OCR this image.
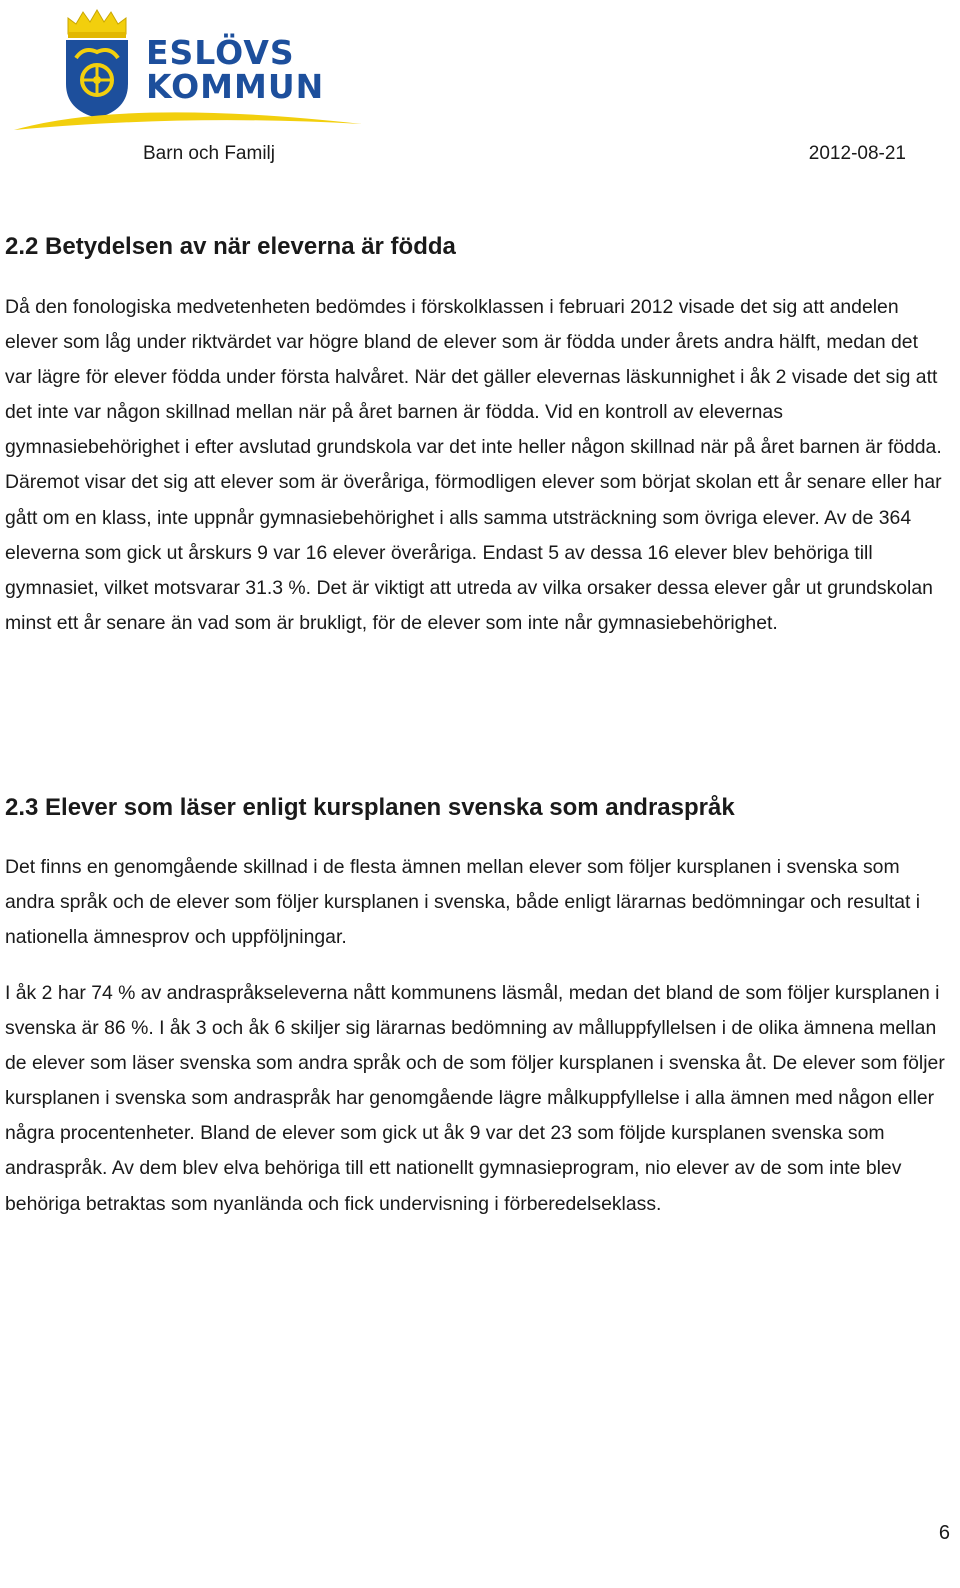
ESLÖVS
KOMMUN
Barn och Familj	2012-08-21
2.2 Betydelsen av när eleverna är födda

Då den fonologiska medvetenheten bedömdes i förskolklassen i februari 2012 visade det sig att andelen elever som låg under riktvärdet var högre bland de elever som är födda under årets andra hälft, medan det var lägre för elever födda under första halvåret. När det gäller elevernas läskunnighet i åk 2 visade det sig att det inte var någon skillnad mellan när på året barnen är födda. Vid en kontroll av elevernas gymnasiebehörighet i efter avslutad grundskola var det inte heller någon skillnad när på året barnen är födda. Däremot visar det sig att elever som är överåriga, förmodligen elever som börjat skolan ett år senare eller har gått om en klass, inte uppnår gymnasiebehörighet i alls samma utsträckning som övriga elever. Av de 364 eleverna som gick ut årskurs 9 var 16 elever överåriga. Endast 5 av dessa 16 elever blev behöriga till gymnasiet, vilket motsvarar 31.3 %. Det är viktigt att utreda av vilka orsaker dessa elever går ut grundskolan minst ett år senare än vad som är brukligt, för de elever som inte når gymnasiebehörighet.

2.3 Elever som läser enligt kursplanen svenska som andraspråk

Det finns en genomgående skillnad i de flesta ämnen mellan elever som följer kursplanen i svenska som andra språk och de elever som följer kursplanen i svenska, både enligt lärarnas bedömningar och resultat i nationella ämnesprov och uppföljningar.

I åk 2 har 74 % av andraspråkseleverna nått kommunens läsmål, medan det bland de som följer kursplanen i svenska är 86 %. I åk 3 och åk 6 skiljer sig lärarnas bedömning av målluppfyllelsen i de olika ämnena mellan de elever som läser svenska som andra språk och de som följer kursplanen i svenska åt. De elever som följer kursplanen i svenska som andraspråk har genomgående lägre målkuppfyllelse i alla ämnen med någon eller några procentenheter. Bland de elever som gick ut åk 9 var det 23 som följde kursplanen svenska som andraspråk. Av dem blev elva behöriga till ett nationellt gymnasieprogram, nio elever av de som inte blev behöriga betraktas som nyanlända och fick undervisning i förberedelseklass.

6
